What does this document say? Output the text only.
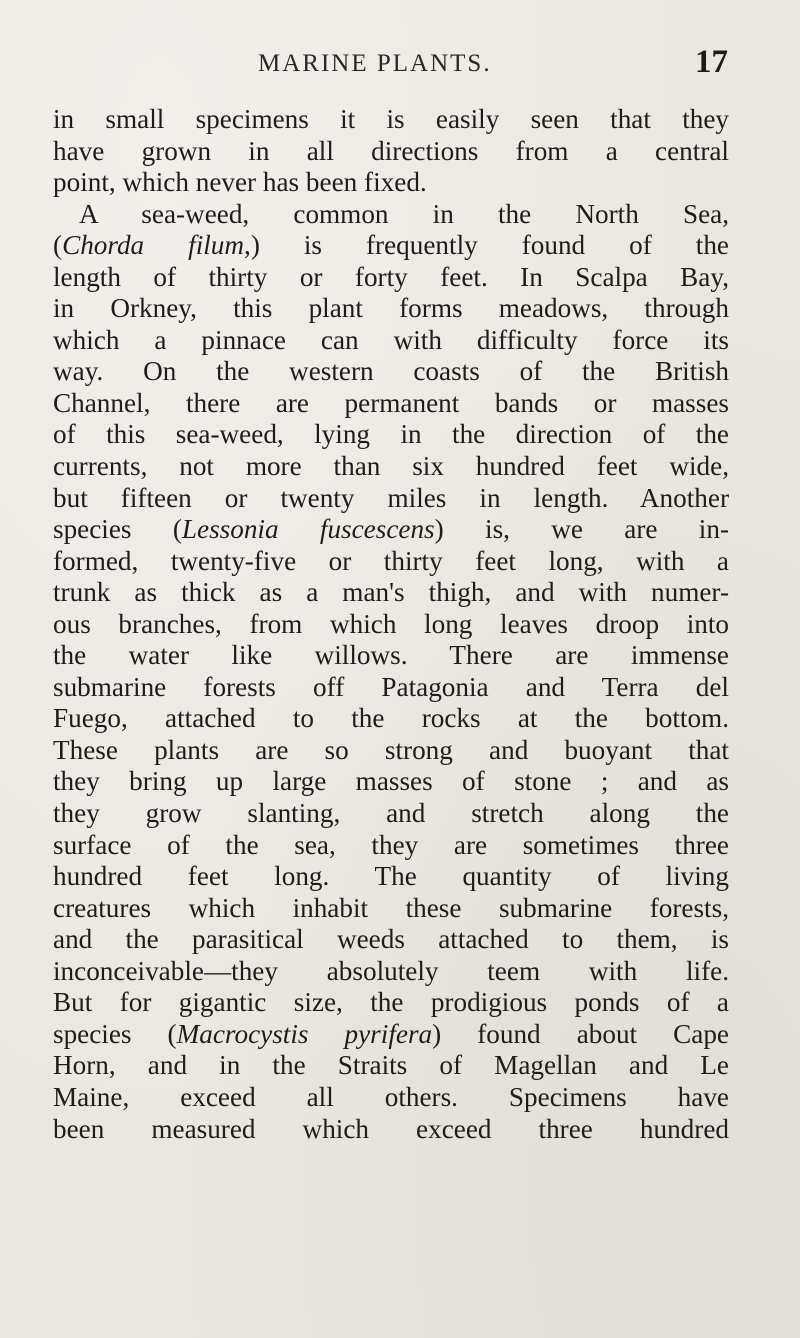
MARINE PLANTS.	17
in small specimens it is easily seen that they
have grown in all directions from a central
point, which never has been fixed.
A sea-weed, common in the North Sea,
(Chorda filum,) is frequently found of the
length of thirty or forty feet. In Scalpa Bay,
in Orkney, this plant forms meadows, through
which a pinnace can with difficulty force its
way. On the western coasts of the British
Channel, there are permanent bands or masses
of this sea-weed, lying in the direction of the
currents, not more than six hundred feet wide,
but fifteen or twenty miles in length. Another
species (Lessonia fuscescens) is, we are in-
formed, twenty-five or thirty feet long, with a
trunk as thick as a man's thigh, and with numer-
ous branches, from which long leaves droop into
the water like willows. There are immense
submarine forests off Patagonia and Terra del
Fuego, attached to the rocks at the bottom.
These plants are so strong and buoyant that
they bring up large masses of stone ; and as
they grow slanting, and stretch along the
surface of the sea, they are sometimes three
hundred feet long. The quantity of living
creatures which inhabit these submarine forests,
and the parasitical weeds attached to them, is
inconceivable—they absolutely teem with life.
But for gigantic size, the prodigious ponds of a
species (Macrocystis pyrifera) found about Cape
Horn, and in the Straits of Magellan and Le
Maine, exceed all others. Specimens have
been measured which exceed three hundred
